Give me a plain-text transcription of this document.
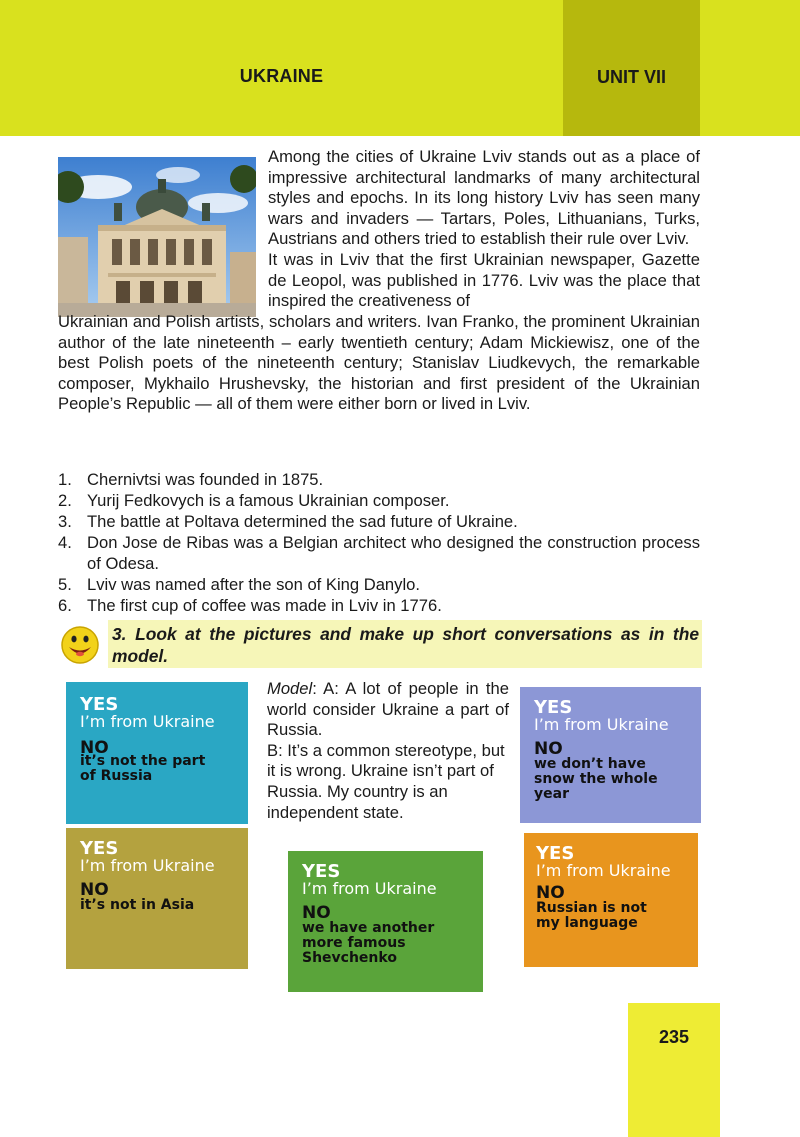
UKRAINE	UNIT VII

Among the cities of Ukraine Lviv stands out as a place of impressive architectural landmarks of many architectural styles and epochs. In its long history Lviv has seen many wars and invaders — Tartars, Poles, Lithuanians, Turks, Austrians and others tried to establish their rule over Lviv.
It was in Lviv that the first Ukrainian newspaper, Gazette de Leopol, was published in 1776. Lviv was the place that inspired the creativeness of

Ukrainian and Polish artists, scholars and writers. Ivan Franko, the prominent Ukrainian author of the late nineteenth – early twentieth century; Adam Mickiewisz, one of the best Polish poets of the nineteenth century; Stanislav Liudkevych, the remarkable composer, Mykhailo Hrushevsky, the historian and first president of the Ukrainian People’s Republic — all of them were either born or lived in Lviv.

1. Chernivtsi was founded in 1875.
2. Yurij Fedkovych is a famous Ukrainian composer.
3. The battle at Poltava determined the sad future of Ukraine.
4. Don Jose de Ribas was a Belgian architect who designed the construction process of Odesa.
5. Lviv was named after the son of King Danylo.
6. The first cup of coffee was made in Lviv in 1776.

3. Look at the pictures and make up short conversations as in the model.

Model: A: A lot of people in the world consider Ukraine a part of Russia.
B: It’s a common stereotype, but it is wrong. Ukraine isn’t part of Russia. My country is an independent state.

YES
I’m from Ukraine
NO
it’s not the part
of Russia
YES
I’m from Ukraine
NO
it’s not in Asia
YES
I’m from Ukraine
NO
we have another
more famous
Shevchenko
YES
I’m from Ukraine
NO
we don’t have
snow the whole
year
YES
I’m from Ukraine
NO
Russian is not
my language
235
